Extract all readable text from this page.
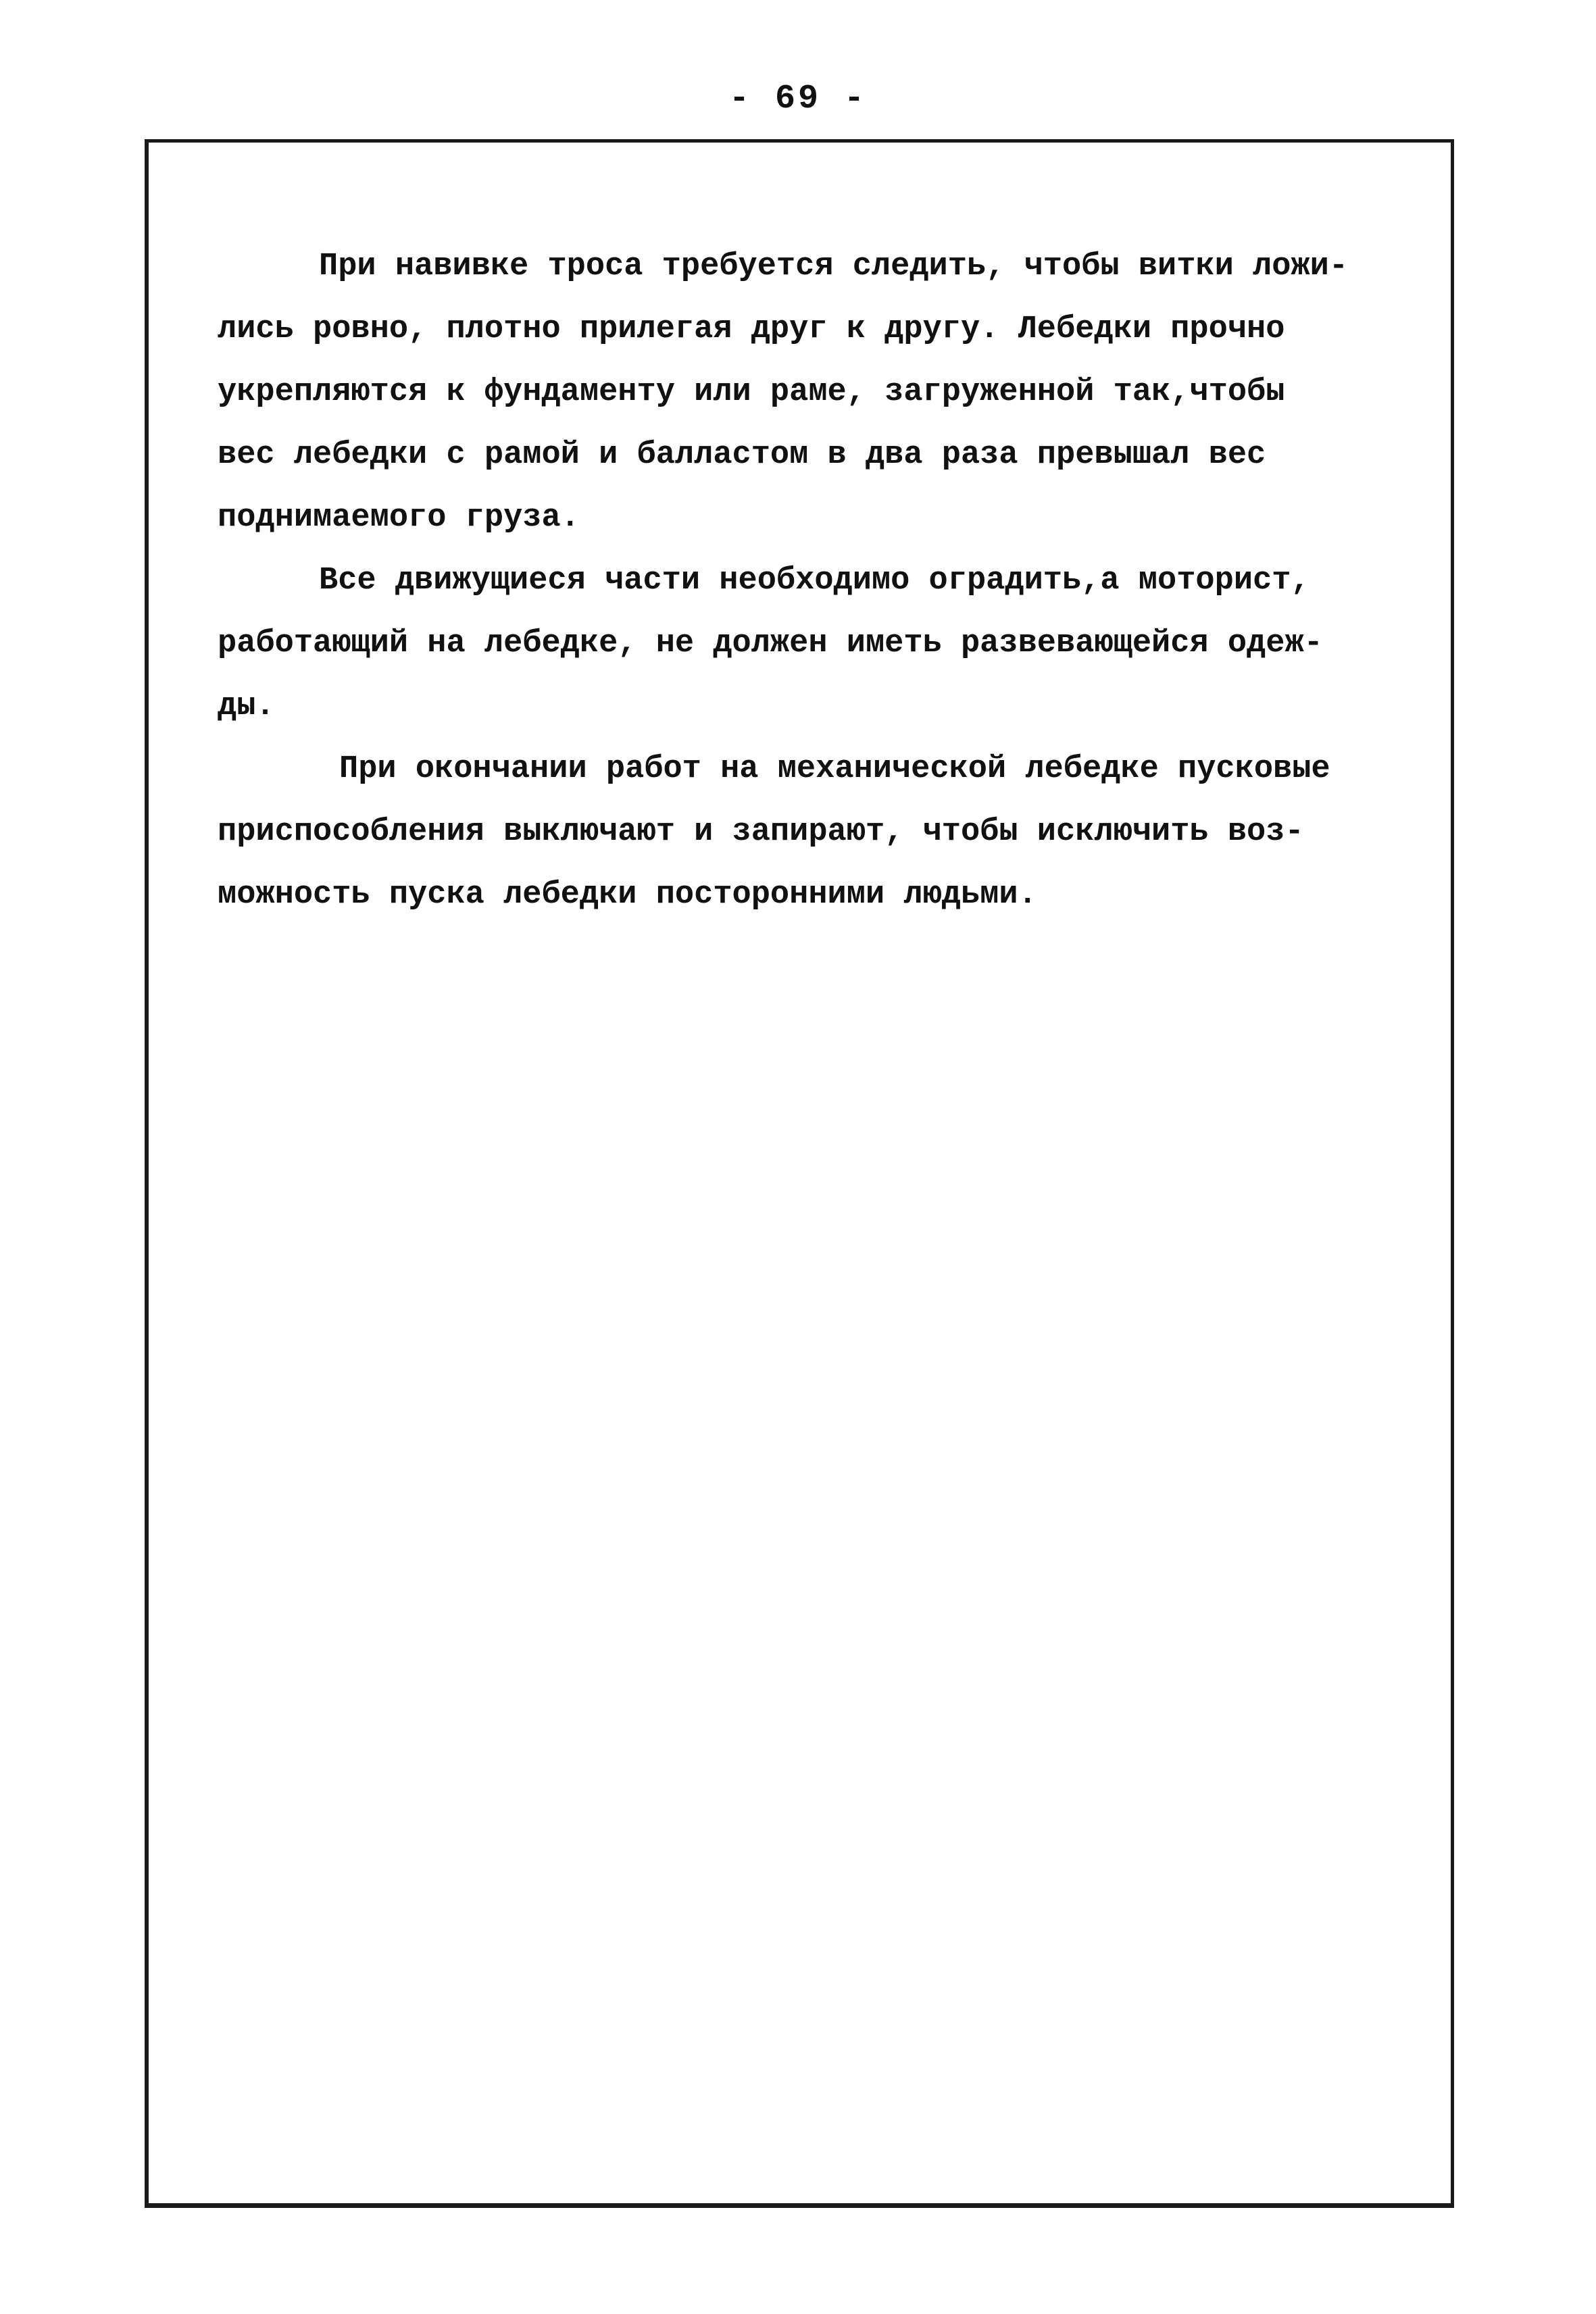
- 69 -
При навивке троса требуется следить, чтобы витки ложи-
лись ровно, плотно прилегая друг к другу. Лебедки прочно
укрепляются к фундаменту или раме, загруженной так,чтобы
вес лебедки с рамой и балластом в два раза превышал вес
поднимаемого груза.
Все движущиеся части необходимо оградить,а моторист,
работающий на лебедке, не должен иметь развевающейся одеж-
ды.
При окончании работ на механической лебедке пусковые
приспособления выключают и запирают, чтобы исключить воз-
можность пуска лебедки посторонними людьми.
